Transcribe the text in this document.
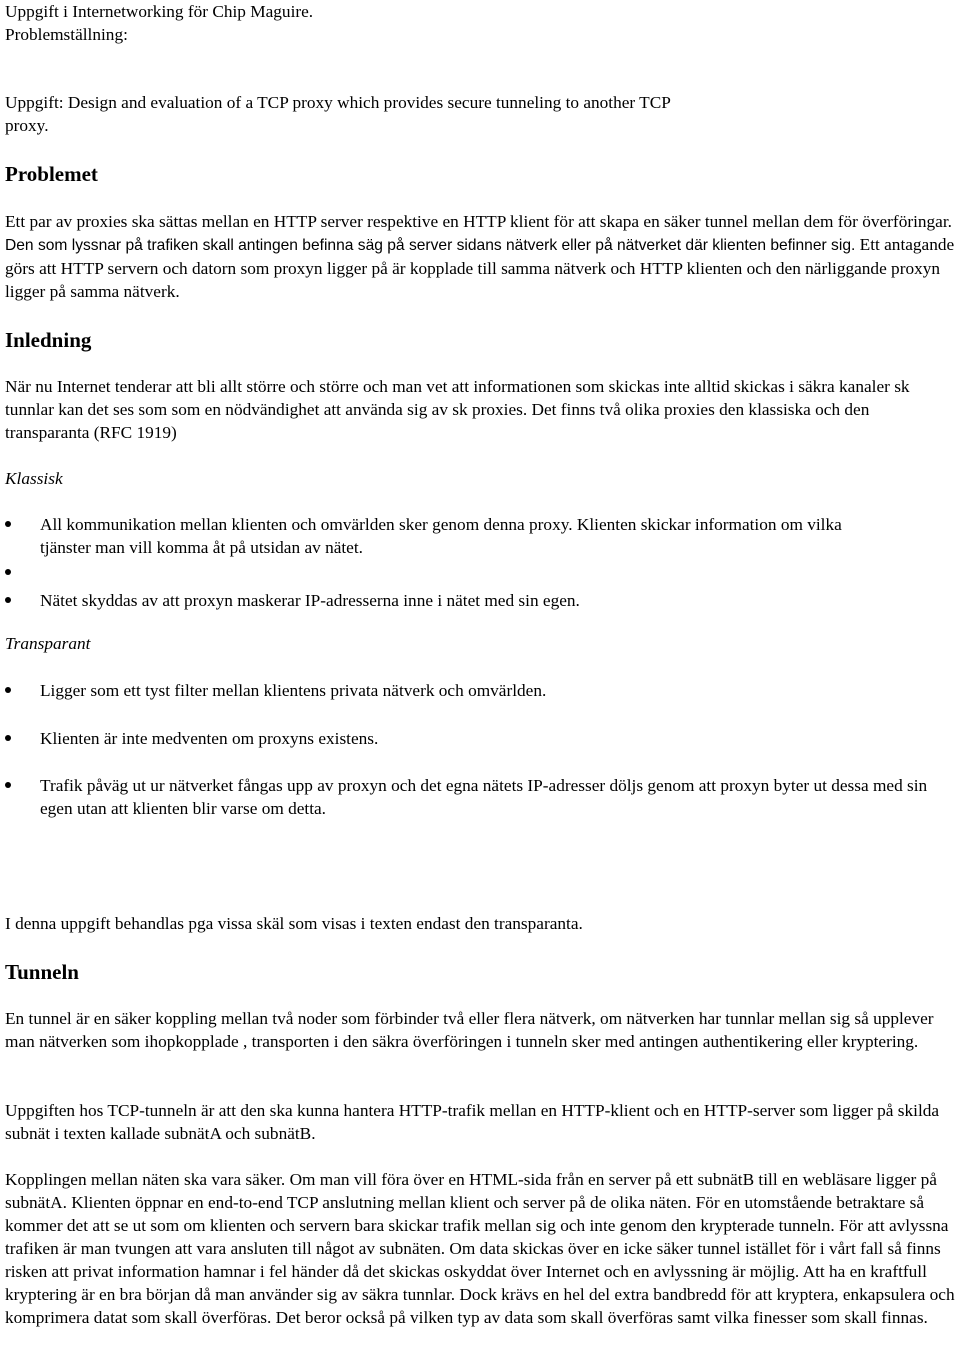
Uppgift i Internetworking för Chip Maguire.

Problemställning:

Uppgift: Design and evaluation of a TCP proxy which provides secure tunneling to another TCP proxy.

Problemet

Ett par av proxies ska sättas mellan en HTTP server respektive en HTTP klient för att skapa en säker tunnel mellan dem för överföringar. Den som lyssnar på trafiken skall antingen befinna säg på server sidans nätverk eller på nätverket där klienten befinner sig. Ett antagande görs att HTTP servern och datorn som proxyn ligger på är kopplade till samma nätverk och HTTP klienten och den närliggande proxyn ligger på samma nätverk.

Inledning

När nu Internet tenderar att bli allt större och större och man vet att informationen som skickas inte alltid skickas i säkra kanaler sk tunnlar kan det ses som som en nödvändighet att använda sig av sk proxies. Det finns två olika proxies den klassiska och den transparanta (RFC 1919)

Klassisk

All kommunikation mellan klienten och omvärlden sker genom denna proxy. Klienten skickar information om vilka tjänster man vill komma åt på utsidan av nätet.
Nätet skyddas av att proxyn maskerar IP-adresserna inne i nätet med sin egen.

Transparant

Ligger som ett tyst filter mellan klientens privata nätverk och omvärlden.
Klienten är inte medventen om proxyns existens.
Trafik påväg ut ur nätverket fångas upp av proxyn och det egna nätets IP-adresser döljs genom att proxyn byter ut dessa med sin egen utan att klienten blir varse om detta.

I denna uppgift behandlas pga vissa skäl som visas i texten endast den transparanta.

Tunneln

En tunnel är en säker koppling mellan två noder som förbinder två eller flera nätverk, om nätverken har tunnlar mellan sig så upplever man nätverken som ihopkopplade , transporten i den säkra överföringen i tunneln sker med antingen authentikering eller kryptering.

Uppgiften hos TCP-tunneln är att den ska kunna hantera HTTP-trafik mellan en HTTP-klient och en HTTP-server som ligger på skilda subnät i texten kallade subnätA och subnätB.

Kopplingen mellan näten ska vara säker. Om man vill föra över en HTML-sida från en server på ett subnätB till en webläsare ligger på subnätA. Klienten öppnar en end-to-end TCP anslutning mellan klient och server på de olika näten. För en utomstående betraktare så kommer det att se ut som om klienten och servern bara skickar trafik mellan sig och inte genom den krypterade tunneln. För att avlyssna trafiken är man tvungen att vara ansluten till något av subnäten. Om data skickas över en icke säker tunnel istället för i vårt fall så finns risken att privat information hamnar i fel händer då det skickas oskyddat över Internet och en avlyssning är möjlig. Att ha en kraftfull kryptering är en bra början då man använder sig av säkra tunnlar. Dock krävs en hel del extra bandbredd för att kryptera, enkapsulera och komprimera datat som skall överföras. Det beror också på vilken typ av data som skall överföras samt vilka finesser som skall finnas.
